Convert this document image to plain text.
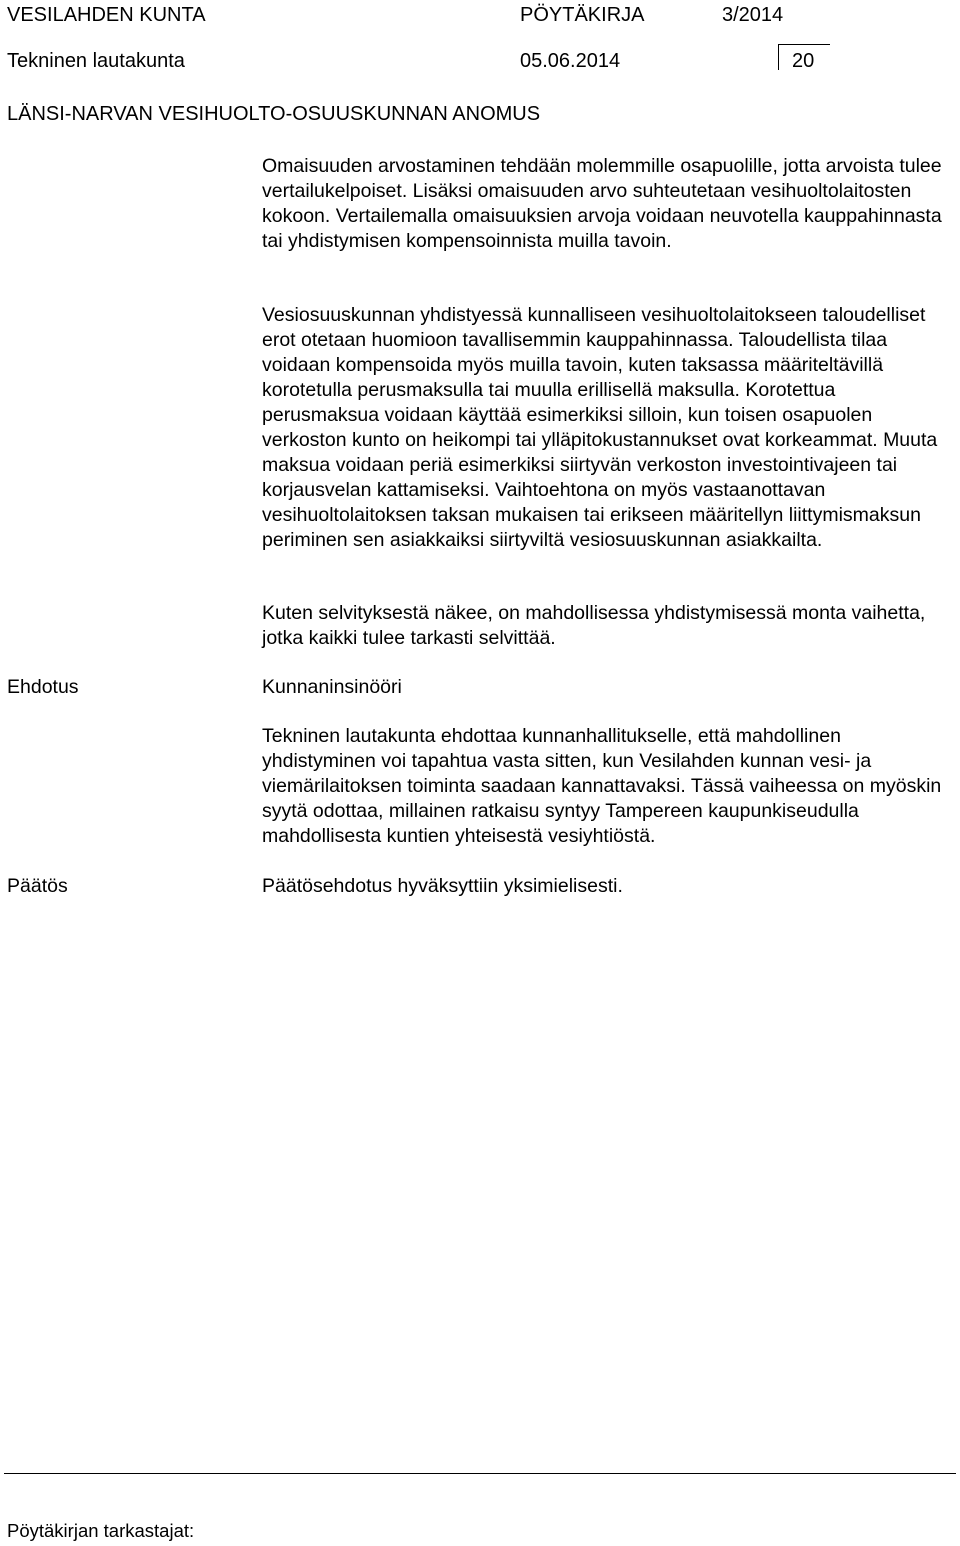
VESILAHDEN KUNTA	PÖYTÄKIRJA	3/2014
Tekninen lautakunta	05.06.2014	20
LÄNSI-NARVAN VESIHUOLTO-OSUUSKUNNAN ANOMUS

Omaisuuden arvostaminen tehdään molemmille osapuolille, jotta arvoista tulee vertailukelpoiset. Lisäksi omaisuuden arvo suhteutetaan vesihuoltolaitosten kokoon. Vertailemalla omaisuuksien arvoja voidaan neuvotella kauppahinnasta tai yhdistymisen kompensoinnista muilla tavoin.

Vesiosuuskunnan yhdistyessä kunnalliseen vesihuoltolaitokseen taloudelliset erot otetaan huomioon tavallisemmin kauppahinnassa. Taloudellista tilaa voidaan kompensoida myös muilla tavoin, kuten taksassa määriteltävillä korotetulla perusmaksulla tai muulla erillisellä maksulla. Korotettua perusmaksua voidaan käyttää esimerkiksi silloin, kun toisen osapuolen verkoston kunto on heikompi tai ylläpitokustannukset ovat korkeammat. Muuta maksua voidaan periä esimerkiksi siirtyvän verkoston investointivajeen tai korjausvelan kattamiseksi. Vaihtoehtona on myös vastaanottavan vesihuoltolaitoksen taksan mukaisen tai erikseen määritellyn liittymismaksun periminen sen asiakkaiksi siirtyviltä vesiosuuskunnan asiakkailta.

Kuten selvityksestä näkee, on mahdollisessa yhdistymisessä monta vaihetta, jotka kaikki tulee tarkasti selvittää.

Ehdotus	Kunnaninsinööri

Tekninen lautakunta ehdottaa kunnanhallitukselle, että mahdollinen yhdistyminen voi tapahtua vasta sitten, kun Vesilahden kunnan vesi- ja viemärilaitoksen toiminta saadaan kannattavaksi. Tässä vaiheessa on myöskin syytä odottaa, millainen ratkaisu syntyy Tampereen kaupunkiseudulla mahdollisesta kuntien yhteisestä vesiyhtiöstä.

Päätös	Päätösehdotus hyväksyttiin yksimielisesti.
Pöytäkirjan tarkastajat:
